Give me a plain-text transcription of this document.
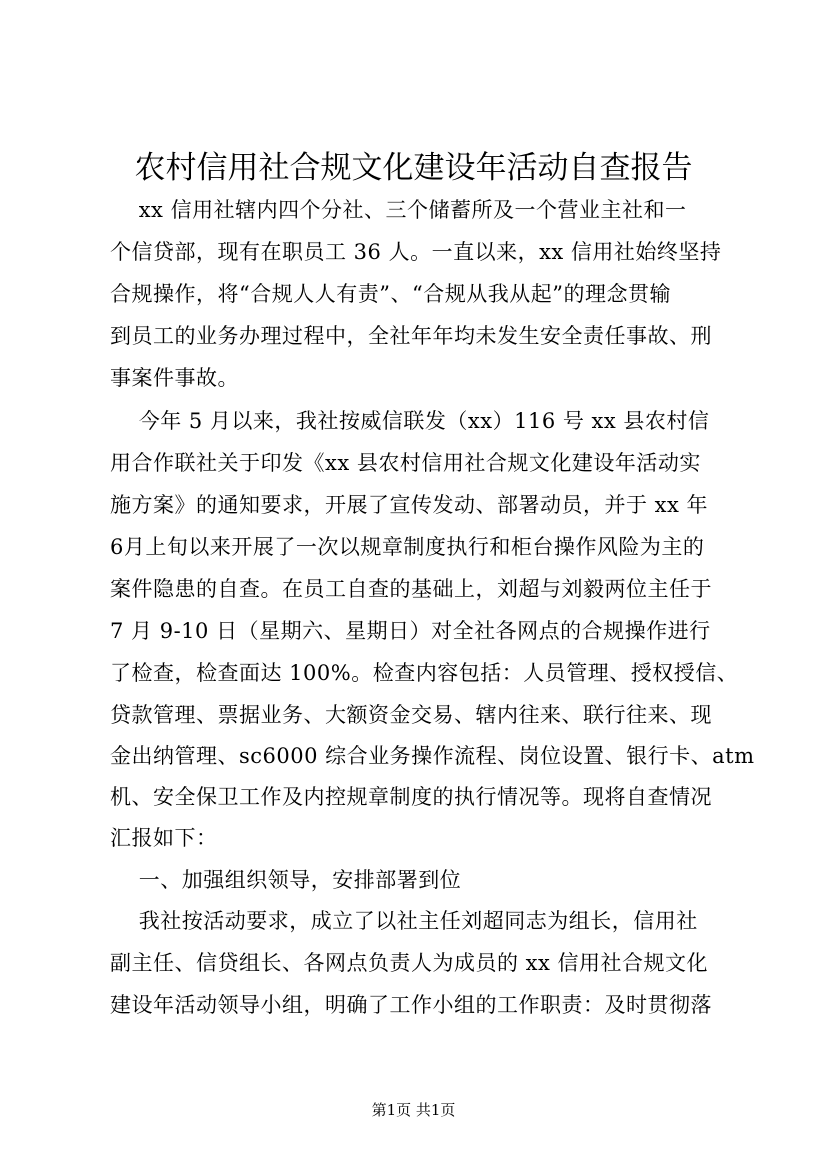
农村信用社合规文化建设年活动自查报告
xx 信用社辖内四个分社、三个储蓄所及一个营业主社和一
个信贷部，现有在职员工 36 人。一直以来，xx 信用社始终坚持
合规操作，将“合规人人有责”、“合规从我从起”的理念贯输
到员工的业务办理过程中，全社年年均未发生安全责任事故、刑
事案件事故。
今年 5 月以来，我社按威信联发（xx）116 号 xx 县农村信
用合作联社关于印发《xx 县农村信用社合规文化建设年活动实
施方案》的通知要求，开展了宣传发动、部署动员，并于 xx 年
6月上旬以来开展了一次以规章制度执行和柜台操作风险为主的
案件隐患的自查。在员工自查的基础上，刘超与刘毅两位主任于
7 月 9-10 日（星期六、星期日）对全社各网点的合规操作进行
了检查，检查面达 100%。检查内容包括：人员管理、授权授信、
贷款管理、票据业务、大额资金交易、辖内往来、联行往来、现
金出纳管理、sc6000 综合业务操作流程、岗位设置、银行卡、atm
机、安全保卫工作及内控规章制度的执行情况等。现将自查情况
汇报如下：
一、加强组织领导，安排部署到位
我社按活动要求，成立了以社主任刘超同志为组长，信用社
副主任、信贷组长、各网点负责人为成员的 xx 信用社合规文化
建设年活动领导小组，明确了工作小组的工作职责：及时贯彻落
第1页 共1页
